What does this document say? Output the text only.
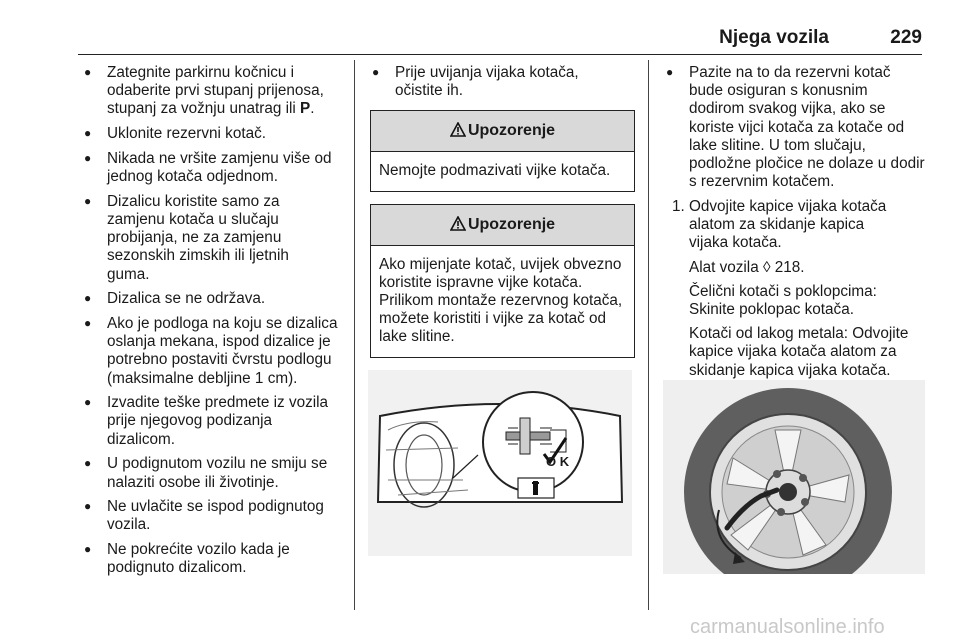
Njega vozila	229
● Zategnite parkirnu kočnicu i odaberite prvi stupanj prijenosa, stupanj za vožnju unatrag ili P.
● Uklonite rezervni kotač.
● Nikada ne vršite zamjenu više od jednog kotača odjednom.
● Dizalicu koristite samo za zamjenu kotača u slučaju probijanja, ne za zamjenu sezonskih zimskih ili ljetnih guma.
● Dizalica se ne održava.
● Ako je podloga na koju se dizalica oslanja mekana, ispod dizalice je potrebno postaviti čvrstu podlogu (maksimalne debljine 1 cm).
● Izvadite teške predmete iz vozila prije njegovog podizanja dizalicom.
● U podignutom vozilu ne smiju se nalaziti osobe ili životinje.
● Ne uvlačite se ispod podignutog vozila.
● Ne pokrećite vozilo kada je podignuto dizalicom.
● Prije uvijanja vijaka kotača, očistite ih.
Upozorenje
Nemojte podmazivati vijke kotača.
Upozorenje
Ako mijenjate kotač, uvijek obvezno koristite ispravne vijke kotača. Prilikom montaže rezervnog kotača, možete koristiti i vijke za kotač od lake slitine.
O K
● Pazite na to da rezervni kotač bude osiguran s konusnim dodirom svakog vijka, ako se koriste vijci kotača za kotače od lake slitine. U tom slučaju, podložne pločice ne dolaze u dodir s rezervnim kotačem.
1. Odvojite kapice vijaka kotača alatom za skidanje kapica vijaka kotača.
Alat vozila ◊ 218.
Čelični kotači s poklopcima: Skinite poklopac kotača.
Kotači od lakog metala: Odvojite kapice vijaka kotača alatom za skidanje kapica vijaka kotača.
carmanualsonline.info
